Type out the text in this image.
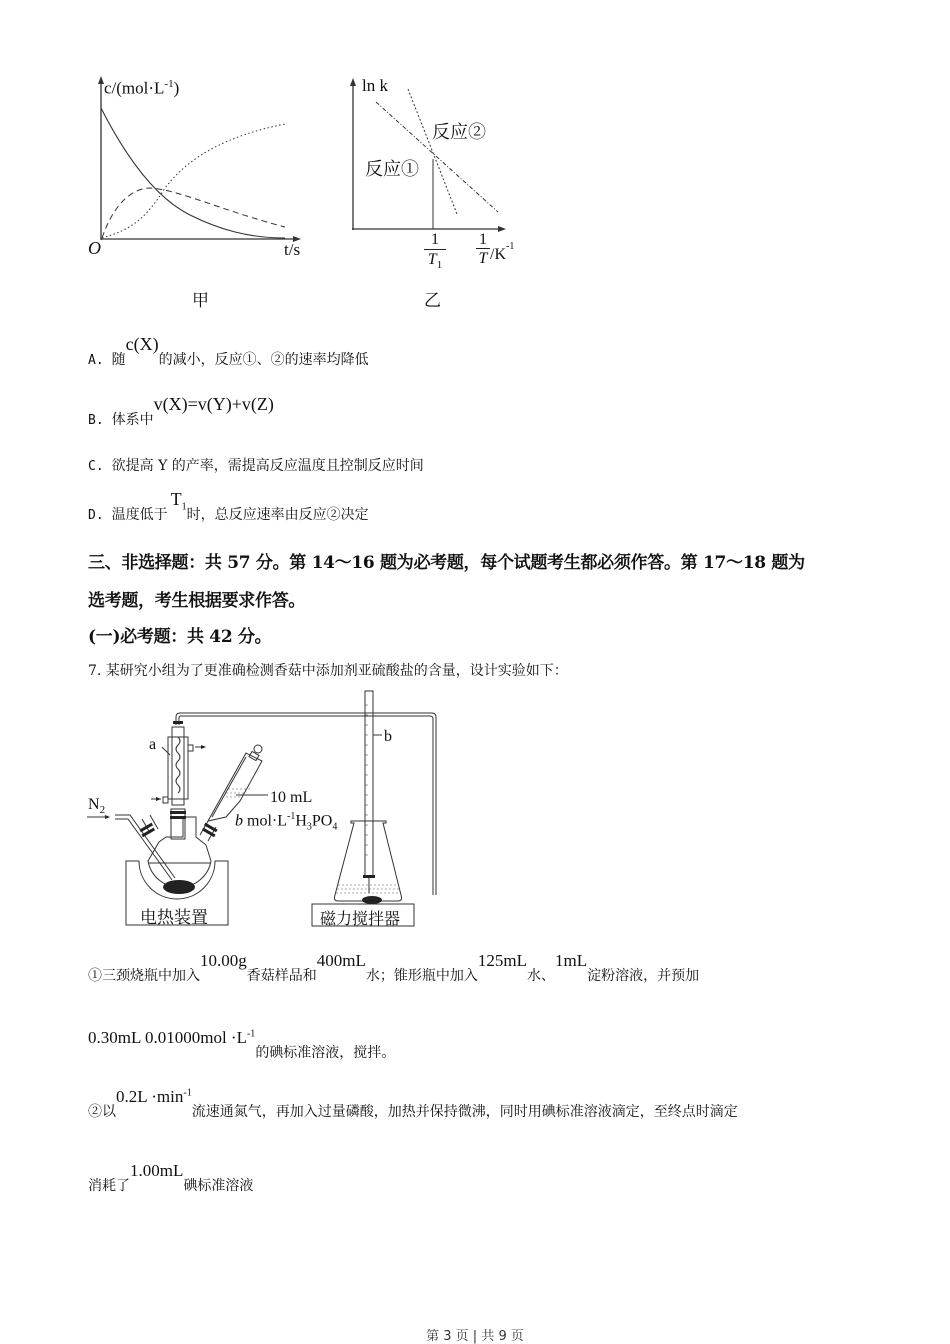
$c/(mol\cdot L^{-1})$
O	t/s
甲
ln k
反应②
反应①
$\frac{1}{T_1} \frac{1}{T} /K^{-1}$
乙
A. 随c(X)的减小，反应①、②的速率均降低
B. 体系中v(X)=v(Y)+v(Z)
C. 欲提高 Y 的产率，需提高反应温度且控制反应时间
D. 温度低于$T_1$时，总反应速率由反应②决定
三、非选择题：共 57 分。第 14～16 题为必考题，每个试题考生都必须作答。第 17～18 题为
选考题，考生根据要求作答。
(一)必考题：共 42 分。
7. 某研究小组为了更准确检测香菇中添加剂亚硫酸盐的含量，设计实验如下：
a	b
$N_2$
10 mL
b $mol\cdot L^{-1}H_3PO_4$
电热装置	磁力搅拌器
①三颈烧瓶中加入10.00g香菇样品和400mL水；锥形瓶中加入125mL水、1mL淀粉溶液，并预加
0.30mL $0.01000mol \cdot L^{-1}$的碘标准溶液，搅拌。
②以$0.2L \cdot\min^{-1}$流速通氮气，再加入过量磷酸，加热并保持微沸，同时用碘标准溶液滴定，至终点时滴定
消耗了1.00mL碘标准溶液
第 3 页 | 共 9 页
